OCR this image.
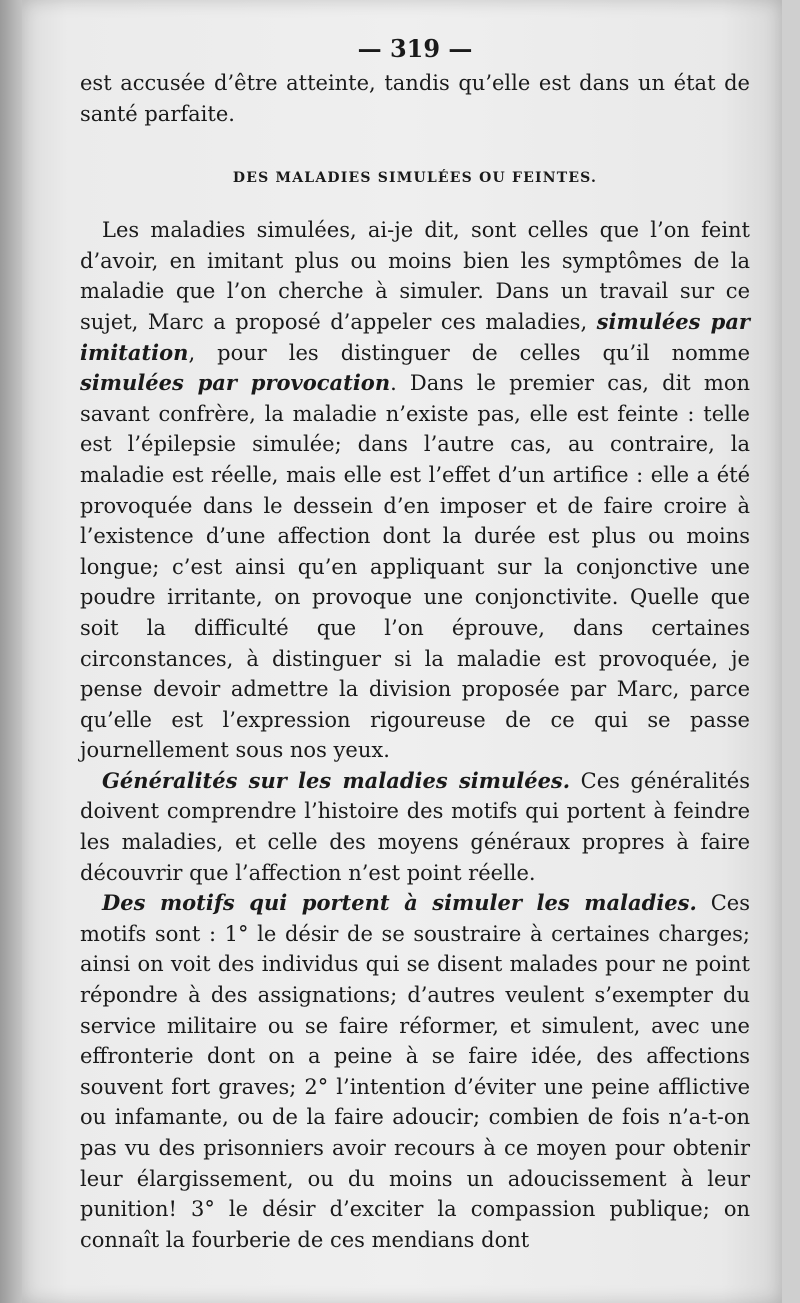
— 319 —

est accusée d’être atteinte, tandis qu’elle est dans un état de santé parfaite.

DES MALADIES SIMULÉES OU FEINTES.

Les maladies simulées, ai-je dit, sont celles que l’on feint d’avoir, en imitant plus ou moins bien les symptômes de la maladie que l’on cherche à simuler. Dans un travail sur ce sujet, Marc a proposé d’appeler ces maladies, simulées par imitation, pour les distinguer de celles qu’il nomme simulées par provocation. Dans le premier cas, dit mon savant confrère, la maladie n’existe pas, elle est feinte : telle est l’épilepsie simulée; dans l’autre cas, au contraire, la maladie est réelle, mais elle est l’effet d’un artifice : elle a été provoquée dans le dessein d’en imposer et de faire croire à l’existence d’une affection dont la durée est plus ou moins longue; c’est ainsi qu’en appliquant sur la conjonctive une poudre irritante, on provoque une conjonctivite. Quelle que soit la difficulté que l’on éprouve, dans certaines circonstances, à distinguer si la maladie est provoquée, je pense devoir admettre la division proposée par Marc, parce qu’elle est l’expression rigoureuse de ce qui se passe journellement sous nos yeux.

Généralités sur les maladies simulées. Ces généralités doivent comprendre l’histoire des motifs qui portent à feindre les maladies, et celle des moyens généraux propres à faire découvrir que l’affection n’est point réelle.

Des motifs qui portent à simuler les maladies. Ces motifs sont : 1° le désir de se soustraire à certaines charges; ainsi on voit des individus qui se disent malades pour ne point répondre à des assignations; d’autres veulent s’exempter du service militaire ou se faire réformer, et simulent, avec une effronterie dont on a peine à se faire idée, des affections souvent fort graves; 2° l’intention d’éviter une peine afflictive ou infamante, ou de la faire adoucir; combien de fois n’a-t-on pas vu des prisonniers avoir recours à ce moyen pour obtenir leur élargissement, ou du moins un adoucissement à leur punition! 3° le désir d’exciter la compassion publique; on connaît la fourberie de ces mendians dont
